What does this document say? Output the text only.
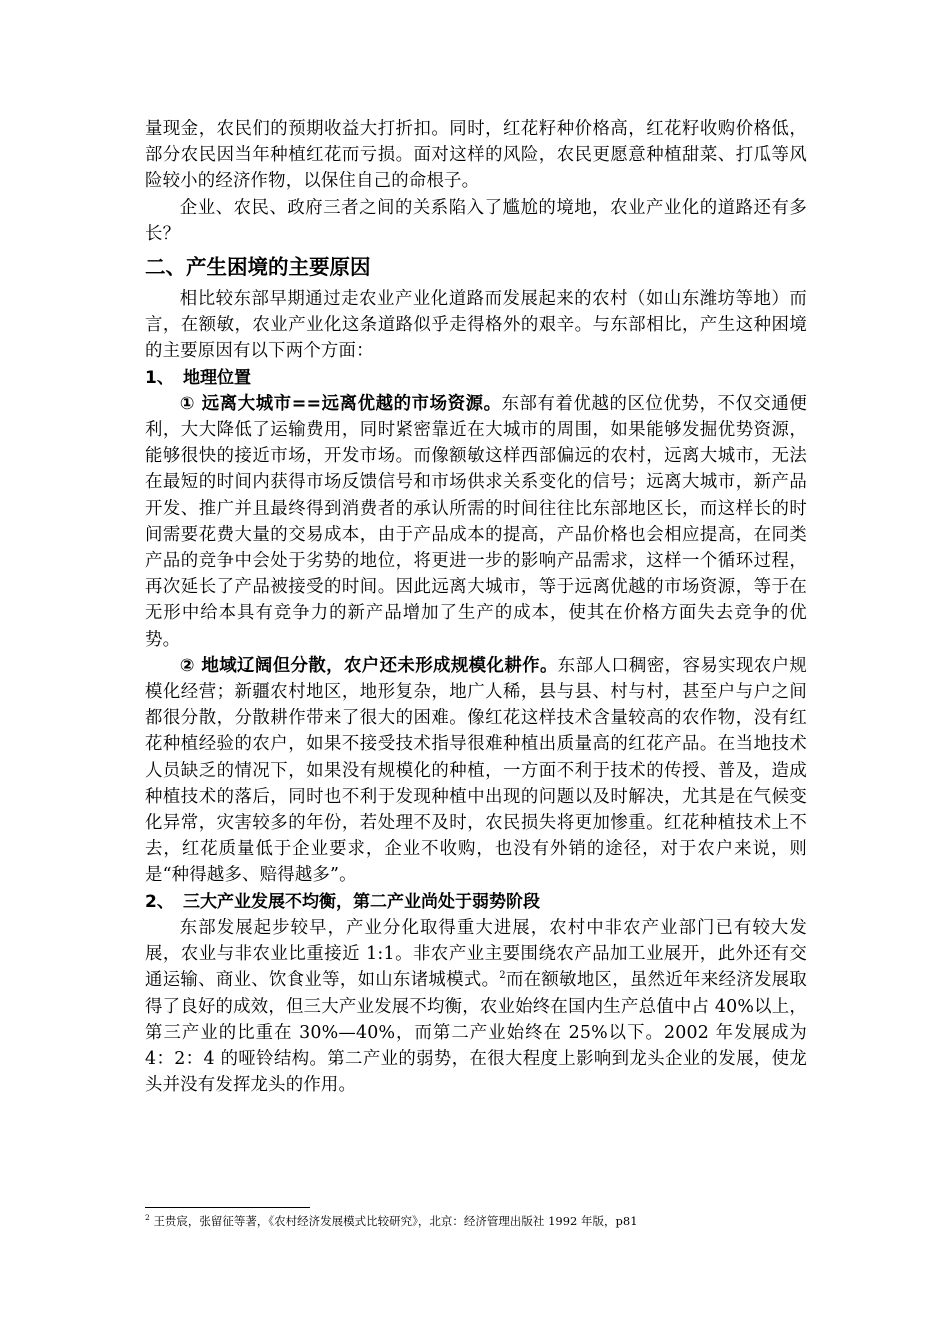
量现金，农民们的预期收益大打折扣。同时，红花籽种价格高，红花籽收购价格低，部分农民因当年种植红花而亏损。面对这样的风险，农民更愿意种植甜菜、打瓜等风险较小的经济作物，以保住自己的命根子。

企业、农民、政府三者之间的关系陷入了尴尬的境地，农业产业化的道路还有多长？

二、产生困境的主要原因

相比较东部早期通过走农业产业化道路而发展起来的农村（如山东潍坊等地）而言，在额敏，农业产业化这条道路似乎走得格外的艰辛。与东部相比，产生这种困境的主要原因有以下两个方面：

1、 地理位置

① 远离大城市==远离优越的市场资源。东部有着优越的区位优势，不仅交通便利，大大降低了运输费用，同时紧密靠近在大城市的周围，如果能够发掘优势资源，能够很快的接近市场，开发市场。而像额敏这样西部偏远的农村，远离大城市，无法在最短的时间内获得市场反馈信号和市场供求关系变化的信号；远离大城市，新产品开发、推广并且最终得到消费者的承认所需的时间往往比东部地区长，而这样长的时间需要花费大量的交易成本，由于产品成本的提高，产品价格也会相应提高，在同类产品的竞争中会处于劣势的地位，将更进一步的影响产品需求，这样一个循环过程，再次延长了产品被接受的时间。因此远离大城市，等于远离优越的市场资源，等于在无形中给本具有竞争力的新产品增加了生产的成本，使其在价格方面失去竞争的优势。

② 地域辽阔但分散，农户还未形成规模化耕作。东部人口稠密，容易实现农户规模化经营；新疆农村地区，地形复杂，地广人稀，县与县、村与村，甚至户与户之间都很分散，分散耕作带来了很大的困难。像红花这样技术含量较高的农作物，没有红花种植经验的农户，如果不接受技术指导很难种植出质量高的红花产品。在当地技术人员缺乏的情况下，如果没有规模化的种植，一方面不利于技术的传授、普及，造成种植技术的落后，同时也不利于发现种植中出现的问题以及时解决，尤其是在气候变化异常，灾害较多的年份，若处理不及时，农民损失将更加惨重。红花种植技术上不去，红花质量低于企业要求，企业不收购，也没有外销的途径，对于农户来说，则是“种得越多、赔得越多”。

2、 三大产业发展不均衡，第二产业尚处于弱势阶段

东部发展起步较早，产业分化取得重大进展，农村中非农产业部门已有较大发展，农业与非农业比重接近 1:1。非农产业主要围绕农产品加工业展开，此外还有交通运输、商业、饮食业等，如山东诸城模式。$^2$而在额敏地区，虽然近年来经济发展取得了良好的成效，但三大产业发展不均衡，农业始终在国内生产总值中占 40%以上，第三产业的比重在 30%—40%，而第二产业始终在 25%以下。2002 年发展成为 4：2：4 的哑铃结构。第二产业的弱势，在很大程度上影响到龙头企业的发展，使龙头并没有发挥龙头的作用。

$^2$ 王贵宸，张留征等著，《农村经济发展模式比较研究》，北京：经济管理出版社 1992 年版，p81
